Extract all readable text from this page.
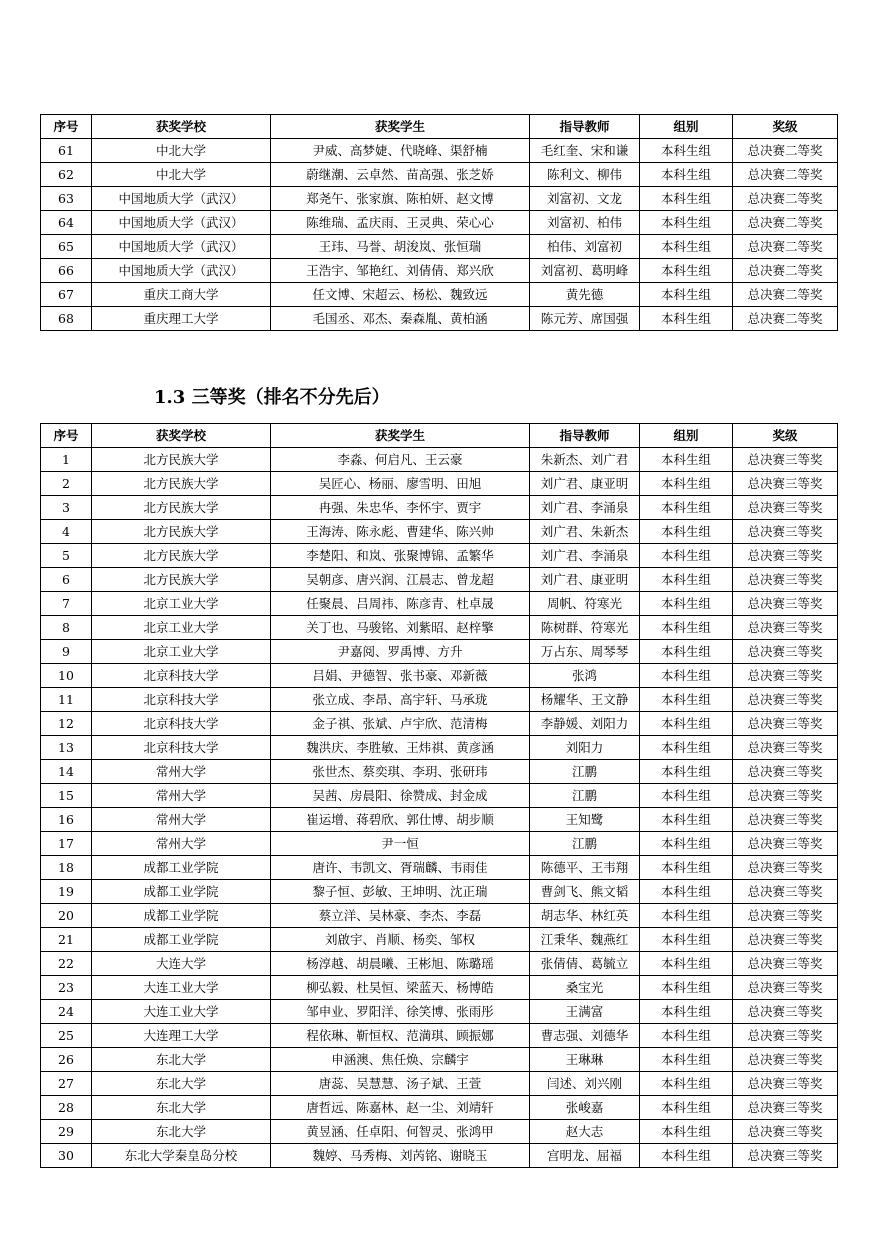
序号	获奖学校	获奖学生	指导教师	组别	奖级
61	中北大学	尹威、高梦婕、代晓峰、渠舒楠	毛红奎、宋和谦	本科生组	总决赛二等奖
62	中北大学	蔚继潮、云卓然、苗高强、张芝娇	陈利文、柳伟	本科生组	总决赛二等奖
63	中国地质大学（武汉）	郑尧午、张家旗、陈柏妍、赵文博	刘富初、文龙	本科生组	总决赛二等奖
64	中国地质大学（武汉）	陈维瑞、孟庆雨、王灵典、荣心心	刘富初、柏伟	本科生组	总决赛二等奖
65	中国地质大学（武汉）	王玮、马誉、胡浚岚、张恒瑞	柏伟、刘富初	本科生组	总决赛二等奖
66	中国地质大学（武汉）	王浩宇、邹艳红、刘倩倩、郑兴欣	刘富初、葛明峰	本科生组	总决赛二等奖
67	重庆工商大学	任文博、宋超云、杨松、魏致远	黄先德	本科生组	总决赛二等奖
68	重庆理工大学	毛国丞、邓杰、秦森胤、黄柏涵	陈元芳、席国强	本科生组	总决赛二等奖
1.3 三等奖（排名不分先后）
序号	获奖学校	获奖学生	指导教师	组别	奖级
1	北方民族大学	李淼、何启凡、王云豪	朱新杰、刘广君	本科生组	总决赛三等奖
2	北方民族大学	吴匠心、杨丽、廖雪明、田旭	刘广君、康亚明	本科生组	总决赛三等奖
3	北方民族大学	冉强、朱忠华、李怀宇、贾宇	刘广君、李涌泉	本科生组	总决赛三等奖
4	北方民族大学	王海涛、陈永彪、曹建华、陈兴帅	刘广君、朱新杰	本科生组	总决赛三等奖
5	北方民族大学	李楚阳、和岚、张聚博锦、孟繁华	刘广君、李涌泉	本科生组	总决赛三等奖
6	北方民族大学	吴朝彦、唐兴润、江晨志、曾龙超	刘广君、康亚明	本科生组	总决赛三等奖
7	北京工业大学	任聚晨、吕周祎、陈彦青、杜卓晟	周帆、符寒光	本科生组	总决赛三等奖
8	北京工业大学	关丁也、马骏铭、刘紫昭、赵梓擎	陈树群、符寒光	本科生组	总决赛三等奖
9	北京工业大学	尹嘉阅、罗禹博、方升	万占东、周琴琴	本科生组	总决赛三等奖
10	北京科技大学	吕娟、尹德智、张书豪、邓新薇	张鸿	本科生组	总决赛三等奖
11	北京科技大学	张立成、李昂、高宇轩、马承珑	杨耀华、王文静	本科生组	总决赛三等奖
12	北京科技大学	金子祺、张斌、卢宇欣、范清梅	李静媛、刘阳力	本科生组	总决赛三等奖
13	北京科技大学	魏洪庆、李胜敏、王炜祺、黄彦涵	刘阳力	本科生组	总决赛三等奖
14	常州大学	张世杰、蔡奕琪、李玥、张研玮	江鹏	本科生组	总决赛三等奖
15	常州大学	吴茜、房晨阳、徐赞成、封金成	江鹏	本科生组	总决赛三等奖
16	常州大学	崔运增、蒋碧欣、郭仕博、胡步顺	王知鹭	本科生组	总决赛三等奖
17	常州大学	尹一恒	江鹏	本科生组	总决赛三等奖
18	成都工业学院	唐许、韦凯文、胥瑞麟、韦雨佳	陈德平、王韦翔	本科生组	总决赛三等奖
19	成都工业学院	黎子恒、彭敏、王坤明、沈正瑞	曹剑飞、熊文韬	本科生组	总决赛三等奖
20	成都工业学院	蔡立洋、吴林豪、李杰、李磊	胡志华、林红英	本科生组	总决赛三等奖
21	成都工业学院	刘啟宇、肖顺、杨奕、邹权	江秉华、魏燕红	本科生组	总决赛三等奖
22	大连大学	杨淳越、胡晨曦、王彬旭、陈璐瑶	张倩倩、葛毓立	本科生组	总决赛三等奖
23	大连工业大学	柳弘毅、杜昊恒、梁蓝天、杨博皓	桑宝光	本科生组	总决赛三等奖
24	大连工业大学	邹申业、罗阳洋、徐笑博、张雨彤	王满富	本科生组	总决赛三等奖
25	大连理工大学	程依琳、靳恒权、范満琪、顾振娜	曹志强、刘德华	本科生组	总决赛三等奖
26	东北大学	申涵澳、焦任焕、宗麟宇	王琳琳	本科生组	总决赛三等奖
27	东北大学	唐蕊、吴慧慧、汤子斌、王萱	闫述、刘兴刚	本科生组	总决赛三等奖
28	东北大学	唐哲远、陈嘉林、赵一尘、刘靖轩	张峻嘉	本科生组	总决赛三等奖
29	东北大学	黄昱涵、任卓阳、何智灵、张鸿甲	赵大志	本科生组	总决赛三等奖
30	东北大学秦皇岛分校	魏婷、马秀梅、刘芮铭、谢晓玉	宫明龙、屈福	本科生组	总决赛三等奖
